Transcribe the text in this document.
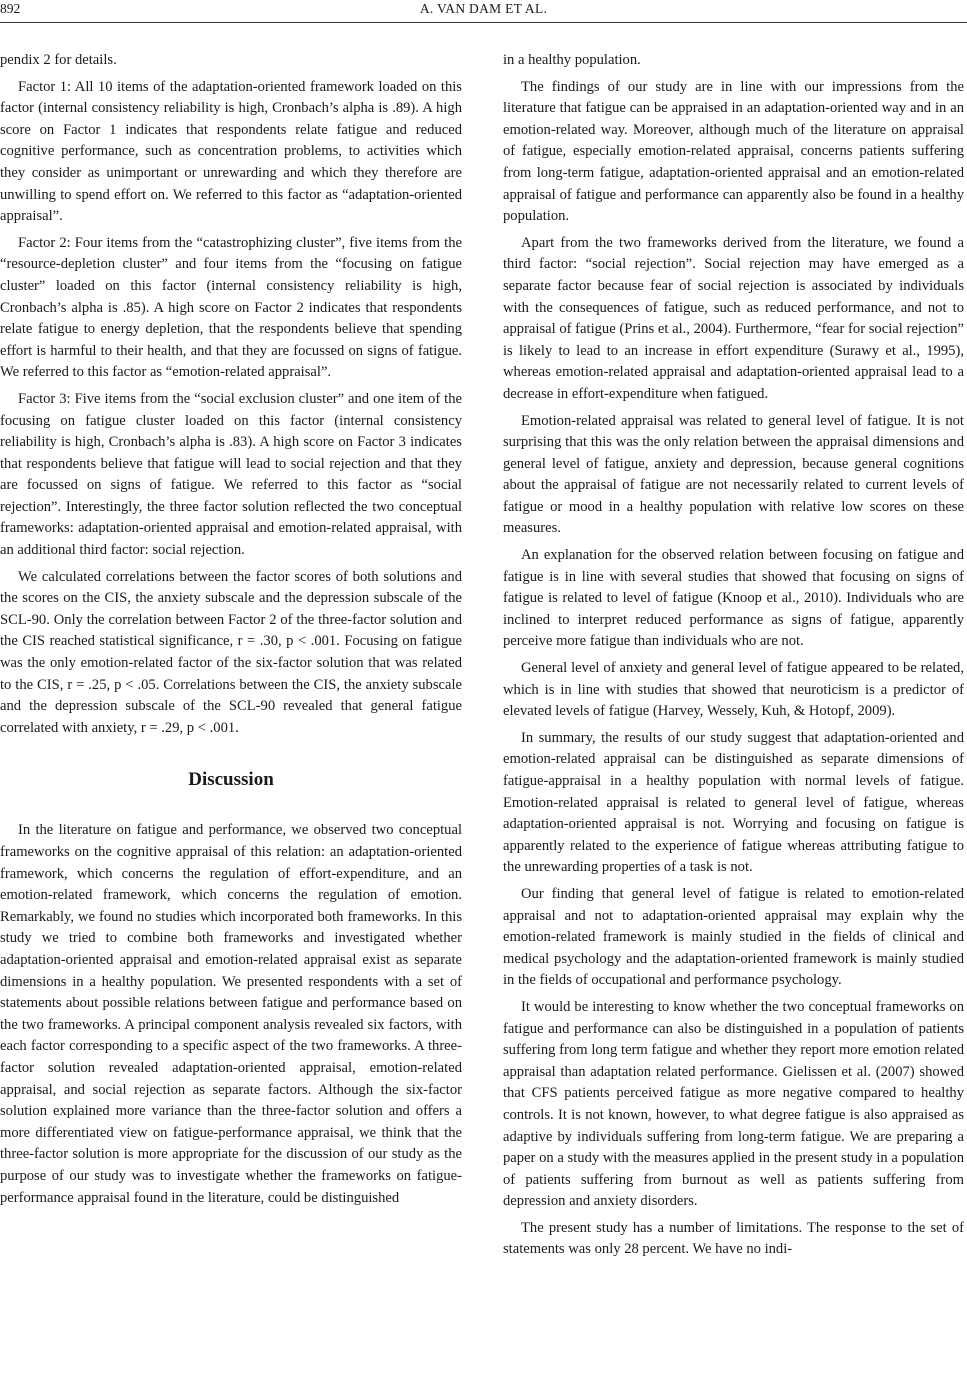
892	A. VAN DAM ET AL.

pendix 2 for details.

Factor 1: All 10 items of the adaptation-oriented framework loaded on this factor (internal consistency reliability is high, Cronbach’s alpha is .89). A high score on Factor 1 indicates that respondents relate fatigue and reduced cognitive performance, such as concentration problems, to activities which they consider as unimportant or unrewarding and which they therefore are unwilling to spend effort on. We referred to this factor as “adaptation-oriented appraisal”.

Factor 2: Four items from the “catastrophizing cluster”, five items from the “resource-depletion cluster” and four items from the “focusing on fatigue cluster” loaded on this factor (internal consistency reliability is high, Cronbach’s alpha is .85). A high score on Factor 2 indicates that respondents relate fatigue to energy depletion, that the respondents believe that spending effort is harmful to their health, and that they are focussed on signs of fatigue. We referred to this factor as “emotion-related appraisal”.

Factor 3: Five items from the “social exclusion cluster” and one item of the focusing on fatigue cluster loaded on this factor (internal consistency reliability is high, Cronbach’s alpha is .83). A high score on Factor 3 indicates that respondents believe that fatigue will lead to social rejection and that they are focussed on signs of fatigue. We referred to this factor as “social rejection”. Interestingly, the three factor solution reflected the two conceptual frameworks: adaptation-oriented appraisal and emotion-related appraisal, with an additional third factor: social rejection.

We calculated correlations between the factor scores of both solutions and the scores on the CIS, the anxiety subscale and the depression subscale of the SCL-90. Only the correlation between Factor 2 of the three-factor solution and the CIS reached statistical significance, r = .30, p < .001. Focusing on fatigue was the only emotion-related factor of the six-factor solution that was related to the CIS, r = .25, p < .05. Correlations between the CIS, the anxiety subscale and the depression subscale of the SCL-90 revealed that general fatigue correlated with anxiety, r = .29, p < .001.

Discussion

In the literature on fatigue and performance, we observed two conceptual frameworks on the cognitive appraisal of this relation: an adaptation-oriented framework, which concerns the regulation of effort-expenditure, and an emotion-related framework, which concerns the regulation of emotion. Remarkably, we found no studies which incorporated both frameworks. In this study we tried to combine both frameworks and investigated whether adaptation-oriented appraisal and emotion-related appraisal exist as separate dimensions in a healthy population. We presented respondents with a set of statements about possible relations between fatigue and performance based on the two frameworks. A principal component analysis revealed six factors, with each factor corresponding to a specific aspect of the two frameworks. A three-factor solution revealed adaptation-oriented appraisal, emotion-related appraisal, and social rejection as separate factors. Although the six-factor solution explained more variance than the three-factor solution and offers a more differentiated view on fatigue-performance appraisal, we think that the three-factor solution is more appropriate for the discussion of our study as the purpose of our study was to investigate whether the frameworks on fatigue-performance appraisal found in the literature, could be distinguished

in a healthy population.

The findings of our study are in line with our impressions from the literature that fatigue can be appraised in an adaptation-oriented way and in an emotion-related way. Moreover, although much of the literature on appraisal of fatigue, especially emotion-related appraisal, concerns patients suffering from long-term fatigue, adaptation-oriented appraisal and an emotion-related appraisal of fatigue and performance can apparently also be found in a healthy population.

Apart from the two frameworks derived from the literature, we found a third factor: “social rejection”. Social rejection may have emerged as a separate factor because fear of social rejection is associated by individuals with the consequences of fatigue, such as reduced performance, and not to appraisal of fatigue (Prins et al., 2004). Furthermore, “fear for social rejection” is likely to lead to an increase in effort expenditure (Surawy et al., 1995), whereas emotion-related appraisal and adaptation-oriented appraisal lead to a decrease in effort-expenditure when fatigued.

Emotion-related appraisal was related to general level of fatigue. It is not surprising that this was the only relation between the appraisal dimensions and general level of fatigue, anxiety and depression, because general cognitions about the appraisal of fatigue are not necessarily related to current levels of fatigue or mood in a healthy population with relative low scores on these measures.

An explanation for the observed relation between focusing on fatigue and fatigue is in line with several studies that showed that focusing on signs of fatigue is related to level of fatigue (Knoop et al., 2010). Individuals who are inclined to interpret reduced performance as signs of fatigue, apparently perceive more fatigue than individuals who are not.

General level of anxiety and general level of fatigue appeared to be related, which is in line with studies that showed that neuroticism is a predictor of elevated levels of fatigue (Harvey, Wessely, Kuh, & Hotopf, 2009).

In summary, the results of our study suggest that adaptation-oriented and emotion-related appraisal can be distinguished as separate dimensions of fatigue-appraisal in a healthy population with normal levels of fatigue. Emotion-related appraisal is related to general level of fatigue, whereas adaptation-oriented appraisal is not. Worrying and focusing on fatigue is apparently related to the experience of fatigue whereas attributing fatigue to the unrewarding properties of a task is not.

Our finding that general level of fatigue is related to emotion-related appraisal and not to adaptation-oriented appraisal may explain why the emotion-related framework is mainly studied in the fields of clinical and medical psychology and the adaptation-oriented framework is mainly studied in the fields of occupational and performance psychology.

It would be interesting to know whether the two conceptual frameworks on fatigue and performance can also be distinguished in a population of patients suffering from long term fatigue and whether they report more emotion related appraisal than adaptation related performance. Gielissen et al. (2007) showed that CFS patients perceived fatigue as more negative compared to healthy controls. It is not known, however, to what degree fatigue is also appraised as adaptive by individuals suffering from long-term fatigue. We are preparing a paper on a study with the measures applied in the present study in a population of patients suffering from burnout as well as patients suffering from depression and anxiety disorders.

The present study has a number of limitations. The response to the set of statements was only 28 percent. We have no indi-
